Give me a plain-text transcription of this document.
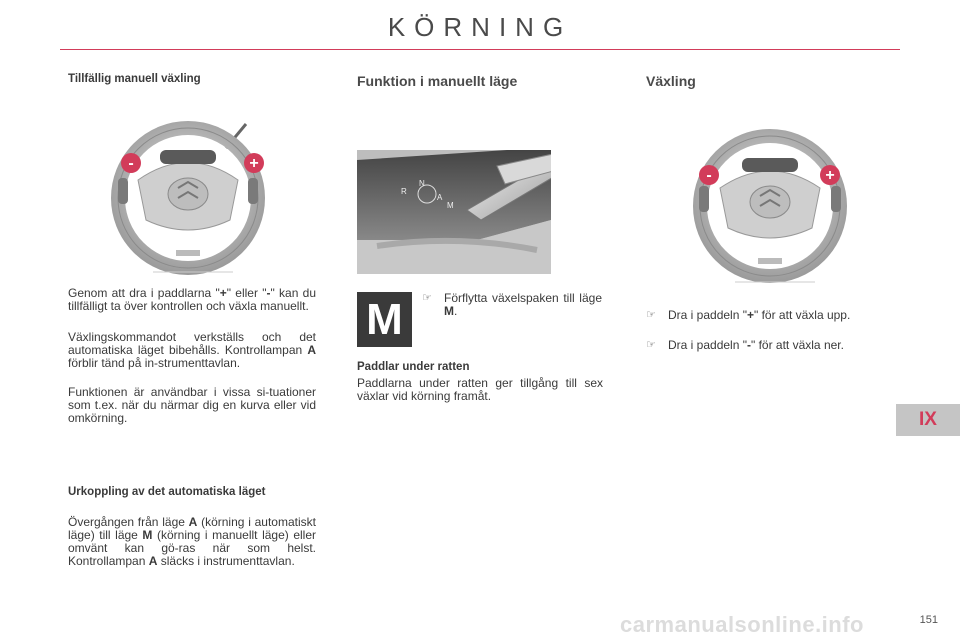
KÖRNING
Tillfällig manuell växling
-	+
Genom att dra i paddlarna "+" eller "-" kan du tillfälligt ta över kontrollen och växla manuellt.
Växlingskommandot verkställs och det automatiska läget bibehålls. Kontrollampan A förblir tänd på in-strumenttavlan.
Funktionen är användbar i vissa si-tuationer som t.ex. när du närmar dig en kurva eller vid omkörning.
Urkoppling av det automatiska läget
Övergången från läge A (körning i automatiskt läge) till läge M (körning i manuellt läge) eller omvänt kan gö-ras när som helst. Kontrollampan A släcks i instrumenttavlan.
Funktion i manuellt läge
R
N
A
M
M	☞ Förflytta växelspaken till läge M.
Paddlar under ratten
Paddlarna under ratten ger tillgång till sex växlar vid körning framåt.
Växling
-	+
☞ Dra i paddeln "+" för att växla upp.
☞ Dra i paddeln "-" för att växla ner.
IX
carmanualsonline.info	151
